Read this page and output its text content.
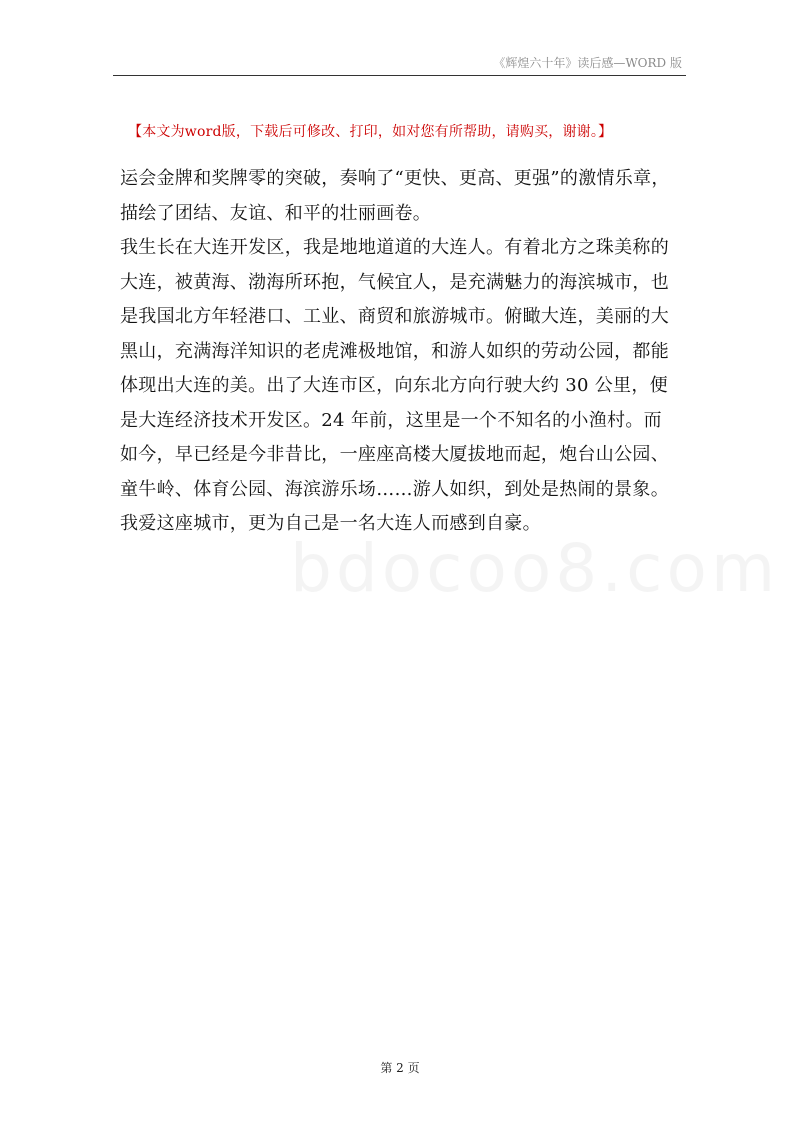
《辉煌六十年》读后感—WORD 版
【本文为word版，下载后可修改、打印，如对您有所帮助，请购买，谢谢。】
运会金牌和奖牌零的突破，奏响了“更快、更高、更强”的激情乐章，
描绘了团结、友谊、和平的壮丽画卷。
我生长在大连开发区，我是地地道道的大连人。有着北方之珠美称的
大连，被黄海、渤海所环抱，气候宜人，是充满魅力的海滨城市，也
是我国北方年轻港口、工业、商贸和旅游城市。俯瞰大连，美丽的大
黑山，充满海洋知识的老虎滩极地馆，和游人如织的劳动公园，都能
体现出大连的美。出了大连市区，向东北方向行驶大约 30 公里，便
是大连经济技术开发区。24 年前，这里是一个不知名的小渔村。而
如今，早已经是今非昔比，一座座高楼大厦拔地而起，炮台山公园、
童牛岭、体育公园、海滨游乐场……游人如织，到处是热闹的景象。
我爱这座城市，更为自己是一名大连人而感到自豪。
第 2 页
